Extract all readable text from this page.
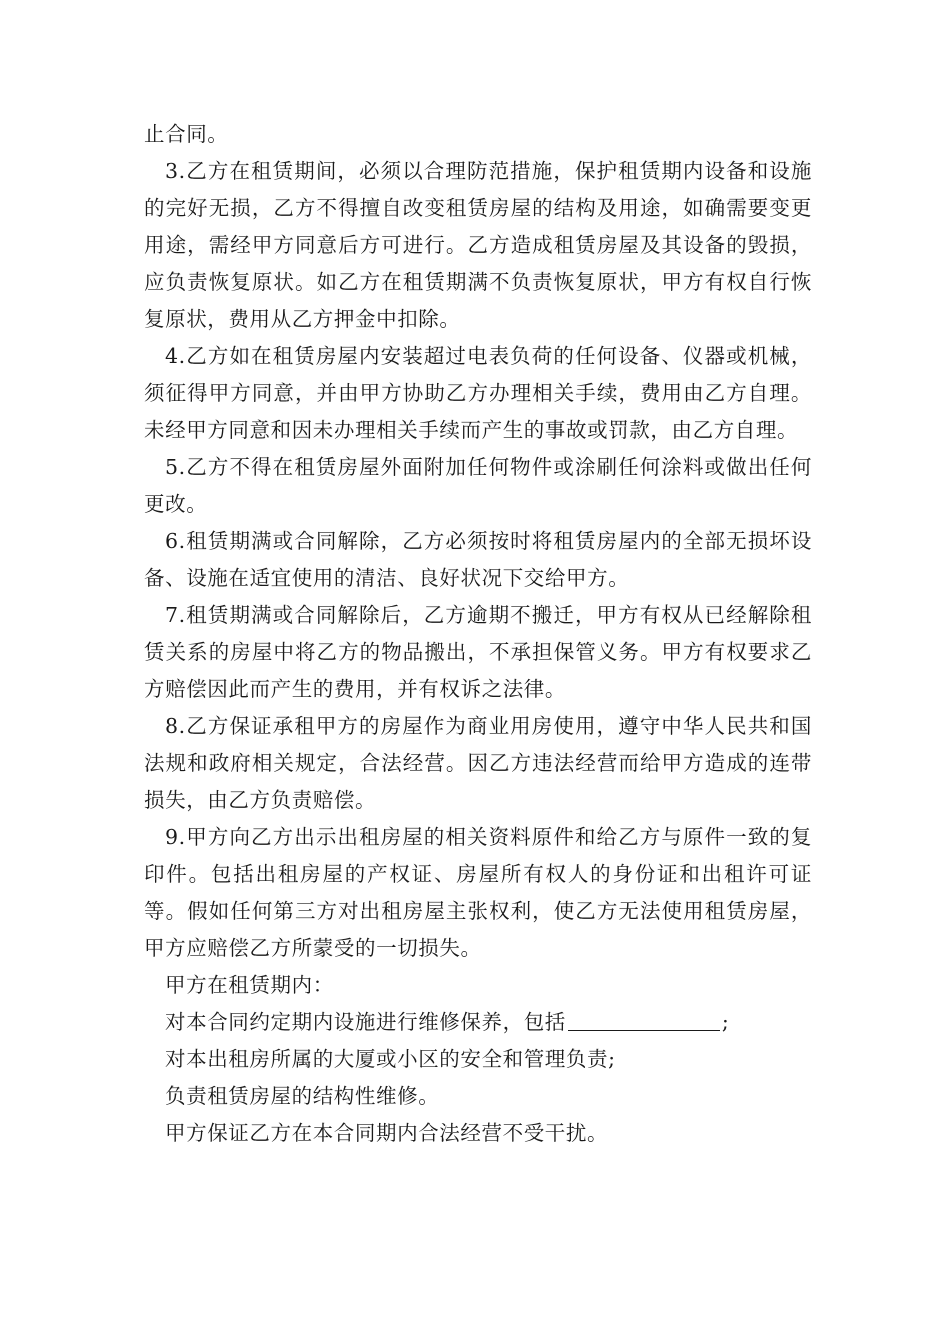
止合同。

3.乙方在租赁期间，必须以合理防范措施，保护租赁期内设备和设施的完好无损，乙方不得擅自改变租赁房屋的结构及用途，如确需要变更用途，需经甲方同意后方可进行。乙方造成租赁房屋及其设备的毁损，应负责恢复原状。如乙方在租赁期满不负责恢复原状，甲方有权自行恢复原状，费用从乙方押金中扣除。

4.乙方如在租赁房屋内安装超过电表负荷的任何设备、仪器或机械，须征得甲方同意，并由甲方协助乙方办理相关手续，费用由乙方自理。未经甲方同意和因未办理相关手续而产生的事故或罚款，由乙方自理。

5.乙方不得在租赁房屋外面附加任何物件或涂刷任何涂料或做出任何更改。

6.租赁期满或合同解除，乙方必须按时将租赁房屋内的全部无损坏设备、设施在适宜使用的清洁、良好状况下交给甲方。

7.租赁期满或合同解除后，乙方逾期不搬迁，甲方有权从已经解除租赁关系的房屋中将乙方的物品搬出，不承担保管义务。甲方有权要求乙方赔偿因此而产生的费用，并有权诉之法律。

8.乙方保证承租甲方的房屋作为商业用房使用，遵守中华人民共和国法规和政府相关规定，合法经营。因乙方违法经营而给甲方造成的连带损失，由乙方负责赔偿。

9.甲方向乙方出示出租房屋的相关资料原件和给乙方与原件一致的复印件。包括出租房屋的产权证、房屋所有权人的身份证和出租许可证等。假如任何第三方对出租房屋主张权利，使乙方无法使用租赁房屋，甲方应赔偿乙方所蒙受的一切损失。

甲方在租赁期内：

对本合同约定期内设施进行维修保养，包括	;

对本出租房所属的大厦或小区的安全和管理负责;

负责租赁房屋的结构性维修。

甲方保证乙方在本合同期内合法经营不受干扰。
